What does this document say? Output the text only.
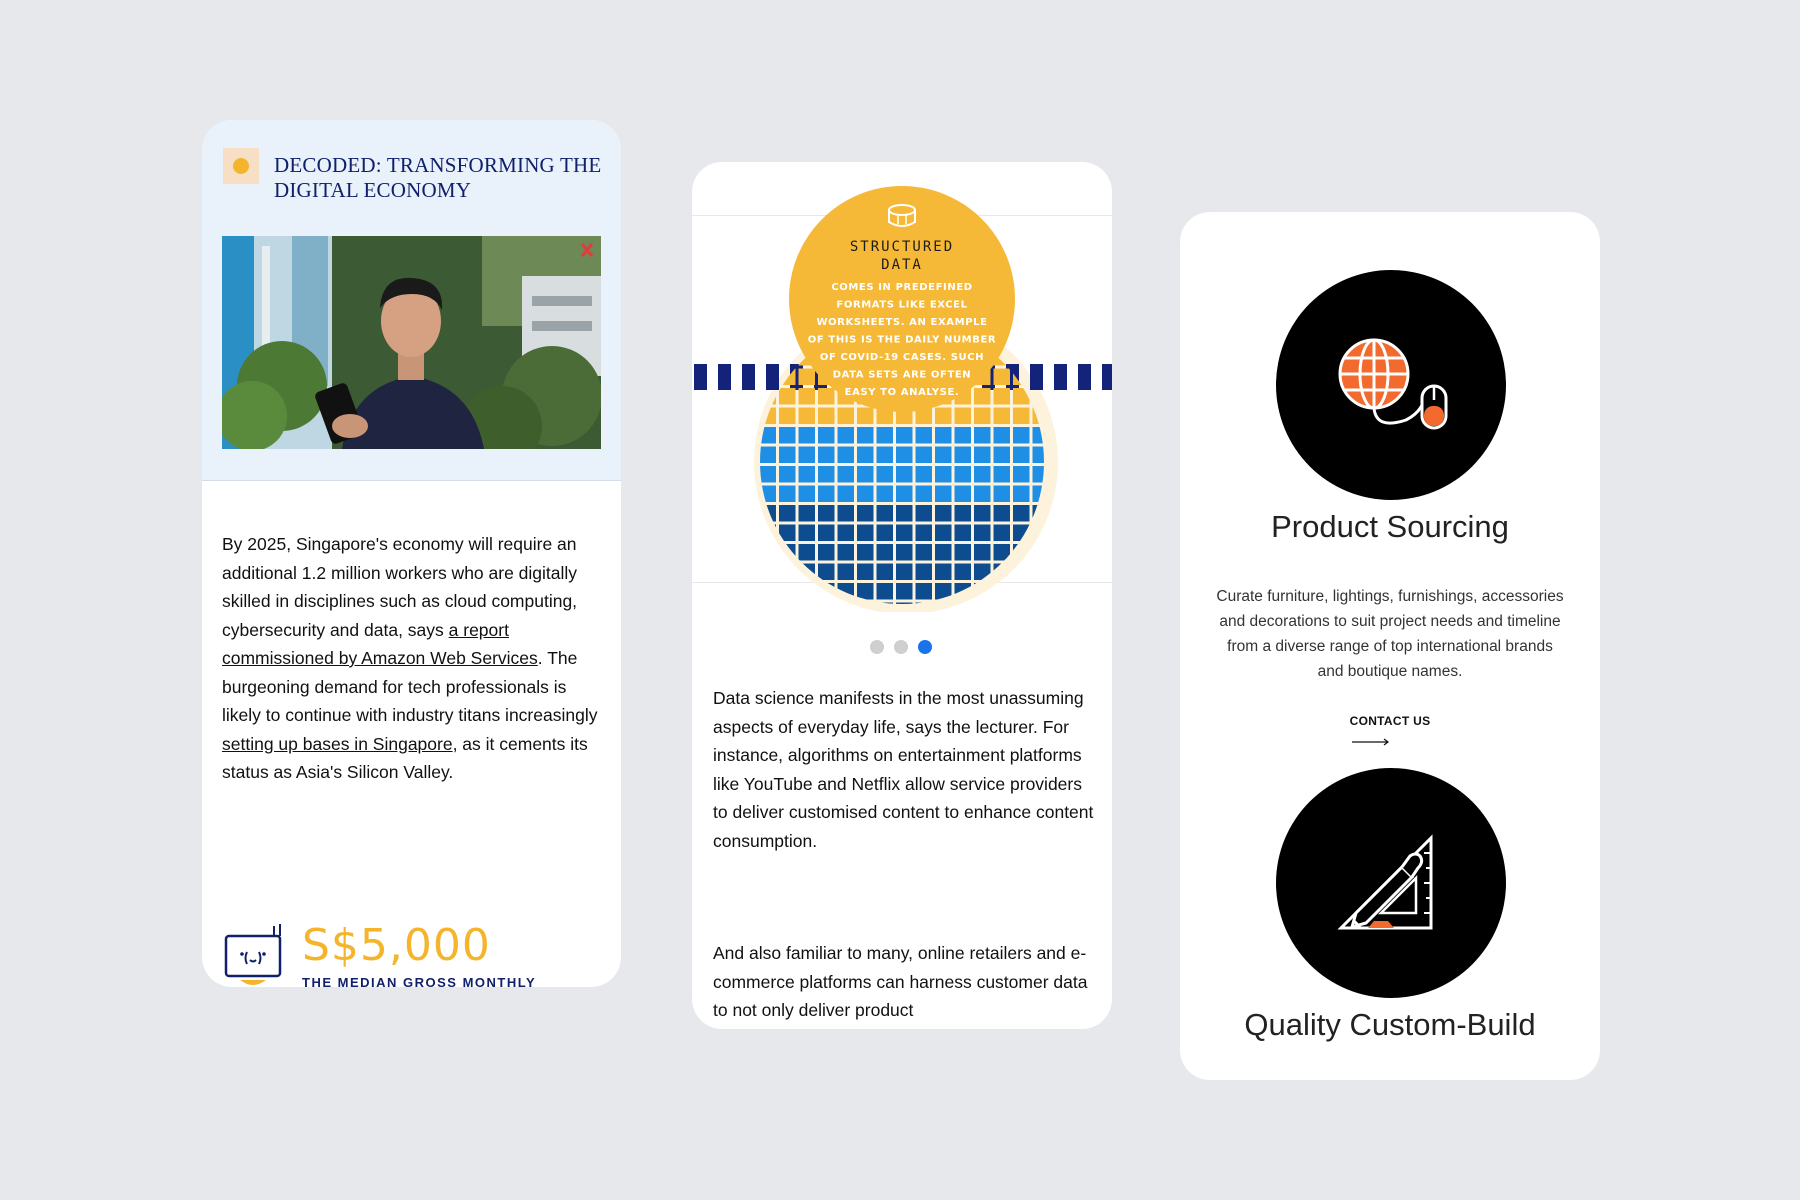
DECODED: TRANSFORMING THE DIGITAL ECONOMY
By 2025, Singapore's economy will require an additional 1.2 million workers who are digitally skilled in disciplines such as cloud computing, cybersecurity and data, says a report commissioned by Amazon Web Services. The burgeoning demand for tech professionals is likely to continue with industry titans increasingly setting up bases in Singapore, as it cements its status as Asia's Silicon Valley.
S$5,000
THE MEDIAN GROSS MONTHLY
STRUCTURED
DATA
COMES IN PREDEFINED
FORMATS LIKE EXCEL
WORKSHEETS. AN EXAMPLE
OF THIS IS THE DAILY NUMBER
OF COVID-19 CASES. SUCH
DATA SETS ARE OFTEN
EASY TO ANALYSE.
Data science manifests in the most unassuming aspects of everyday life, says the lecturer. For instance, algorithms on entertainment platforms like YouTube and Netflix allow service providers to deliver customised content to enhance content consumption.
And also familiar to many, online retailers and e-commerce platforms can harness customer data to not only deliver product
Product Sourcing
Curate furniture, lightings, furnishings, accessories and decorations to suit project needs and timeline from a diverse range of top international brands and boutique names.
CONTACT US
Quality Custom-Build
